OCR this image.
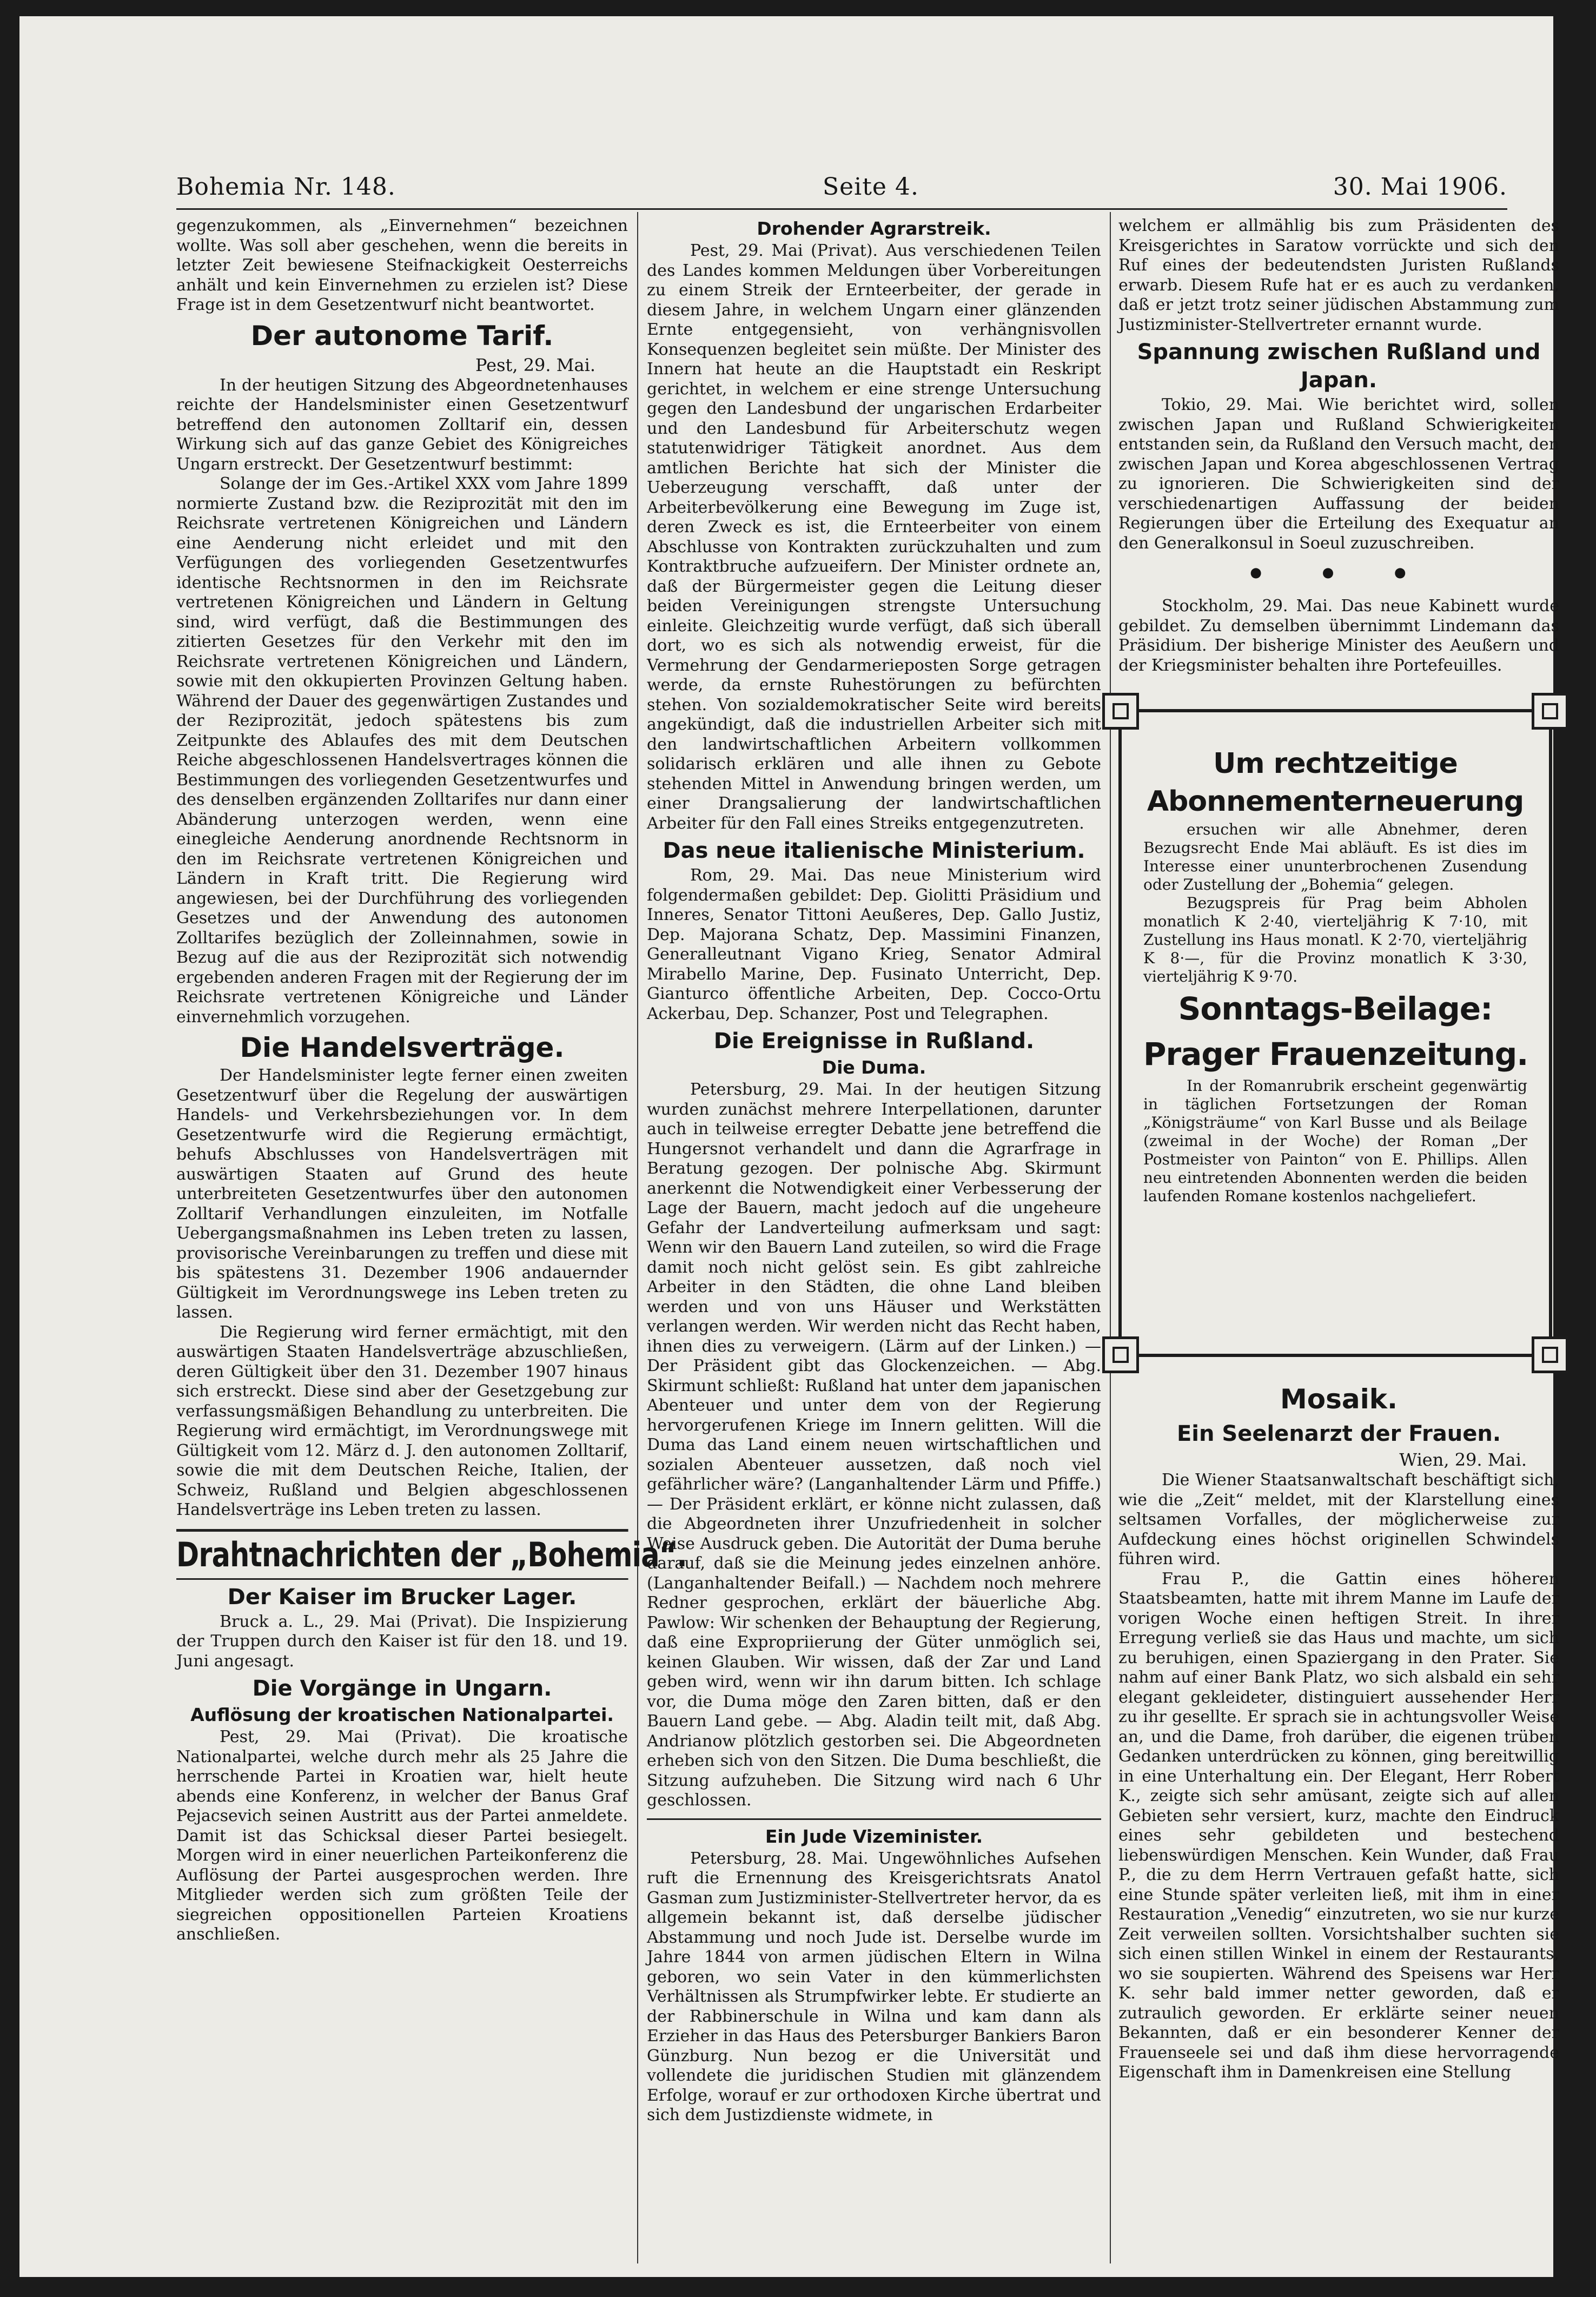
Bohemia Nr. 148.	Seite 4.	30. Mai 1906.

gegenzukommen, als „Einvernehmen“ bezeichnen wollte. Was soll aber geschehen, wenn die bereits in letzter Zeit bewiesene Steifnackigkeit Oesterreichs anhält und kein Einvernehmen zu erzielen ist? Diese Frage ist in dem Gesetzentwurf nicht beantwortet.

Der autonome Tarif.
Pest, 29. Mai.

In der heutigen Sitzung des Abgeordnetenhauses reichte der Handelsminister einen Gesetzentwurf betreffend den autonomen Zolltarif ein, dessen Wirkung sich auf das ganze Gebiet des Königreiches Ungarn erstreckt. Der Gesetzentwurf bestimmt:

Solange der im Ges.-Artikel XXX vom Jahre 1899 normierte Zustand bzw. die Reziprozität mit den im Reichsrate vertretenen Königreichen und Ländern eine Aenderung nicht erleidet und mit den Verfügungen des vorliegenden Gesetzentwurfes identische Rechtsnormen in den im Reichsrate vertretenen Königreichen und Ländern in Geltung sind, wird verfügt, daß die Bestimmungen des zitierten Gesetzes für den Verkehr mit den im Reichsrate vertretenen Königreichen und Ländern, sowie mit den okkupierten Provinzen Geltung haben. Während der Dauer des gegenwärtigen Zustandes und der Reziprozität, jedoch spätestens bis zum Zeitpunkte des Ablaufes des mit dem Deutschen Reiche abgeschlossenen Handelsvertrages können die Bestimmungen des vorliegenden Gesetzentwurfes und des denselben ergänzenden Zolltarifes nur dann einer Abänderung unterzogen werden, wenn eine einegleiche Aenderung anordnende Rechtsnorm in den im Reichsrate vertretenen Königreichen und Ländern in Kraft tritt. Die Regierung wird angewiesen, bei der Durchführung des vorliegenden Gesetzes und der Anwendung des autonomen Zolltarifes bezüglich der Zolleinnahmen, sowie in Bezug auf die aus der Reziprozität sich notwendig ergebenden anderen Fragen mit der Regierung der im Reichsrate vertretenen Königreiche und Länder einvernehmlich vorzugehen.

Die Handelsverträge.

Der Handelsminister legte ferner einen zweiten Gesetzentwurf über die Regelung der auswärtigen Handels- und Verkehrsbeziehungen vor. In dem Gesetzentwurfe wird die Regierung ermächtigt, behufs Abschlusses von Handelsverträgen mit auswärtigen Staaten auf Grund des heute unterbreiteten Gesetzentwurfes über den autonomen Zolltarif Verhandlungen einzuleiten, im Notfalle Uebergangsmaßnahmen ins Leben treten zu lassen, provisorische Vereinbarungen zu treffen und diese mit bis spätestens 31. Dezember 1906 andauernder Gültigkeit im Verordnungswege ins Leben treten zu lassen.

Die Regierung wird ferner ermächtigt, mit den auswärtigen Staaten Handelsverträge abzuschließen, deren Gültigkeit über den 31. Dezember 1907 hinaus sich erstreckt. Diese sind aber der Gesetzgebung zur verfassungsmäßigen Behandlung zu unterbreiten. Die Regierung wird ermächtigt, im Verordnungswege mit Gültigkeit vom 12. März d. J. den autonomen Zolltarif, sowie die mit dem Deutschen Reiche, Italien, der Schweiz, Rußland und Belgien abgeschlossenen Handelsverträge ins Leben treten zu lassen.

Drahtnachrichten der „Bohemia“.
Der Kaiser im Brucker Lager.

Bruck a. L., 29. Mai (Privat). Die Inspizierung der Truppen durch den Kaiser ist für den 18. und 19. Juni angesagt.

Die Vorgänge in Ungarn.
Auflösung der kroatischen Nationalpartei.

Pest, 29. Mai (Privat). Die kroatische Nationalpartei, welche durch mehr als 25 Jahre die herrschende Partei in Kroatien war, hielt heute abends eine Konferenz, in welcher der Banus Graf Pejacsevich seinen Austritt aus der Partei anmeldete. Damit ist das Schicksal dieser Partei besiegelt. Morgen wird in einer neuerlichen Parteikonferenz die Auflösung der Partei ausgesprochen werden. Ihre Mitglieder werden sich zum größten Teile der siegreichen oppositionellen Parteien Kroatiens anschließen.

Drohender Agrarstreik.

Pest, 29. Mai (Privat). Aus verschiedenen Teilen des Landes kommen Meldungen über Vorbereitungen zu einem Streik der Ernteerbeiter, der gerade in diesem Jahre, in welchem Ungarn einer glänzenden Ernte entgegensieht, von verhängnisvollen Konsequenzen begleitet sein müßte. Der Minister des Innern hat heute an die Hauptstadt ein Reskript gerichtet, in welchem er eine strenge Untersuchung gegen den Landesbund der ungarischen Erdarbeiter und den Landesbund für Arbeiterschutz wegen statutenwidriger Tätigkeit anordnet. Aus dem amtlichen Berichte hat sich der Minister die Ueberzeugung verschafft, daß unter der Arbeiterbevölkerung eine Bewegung im Zuge ist, deren Zweck es ist, die Ernteerbeiter von einem Abschlusse von Kontrakten zurückzuhalten und zum Kontraktbruche aufzueifern. Der Minister ordnete an, daß der Bürgermeister gegen die Leitung dieser beiden Vereinigungen strengste Untersuchung einleite. Gleichzeitig wurde verfügt, daß sich überall dort, wo es sich als notwendig erweist, für die Vermehrung der Gendarmerieposten Sorge getragen werde, da ernste Ruhestörungen zu befürchten stehen. Von sozialdemokratischer Seite wird bereits angekündigt, daß die industriellen Arbeiter sich mit den landwirtschaftlichen Arbeitern vollkommen solidarisch erklären und alle ihnen zu Gebote stehenden Mittel in Anwendung bringen werden, um einer Drangsalierung der landwirtschaftlichen Arbeiter für den Fall eines Streiks entgegenzutreten.

Das neue italienische Ministerium.

Rom, 29. Mai. Das neue Ministerium wird folgendermaßen gebildet: Dep. Giolitti Präsidium und Inneres, Senator Tittoni Aeußeres, Dep. Gallo Justiz, Dep. Majorana Schatz, Dep. Massimini Finanzen, Generalleutnant Vigano Krieg, Senator Admiral Mirabello Marine, Dep. Fusinato Unterricht, Dep. Gianturco öffentliche Arbeiten, Dep. Cocco-Ortu Ackerbau, Dep. Schanzer, Post und Telegraphen.

Die Ereignisse in Rußland.
Die Duma.

Petersburg, 29. Mai. In der heutigen Sitzung wurden zunächst mehrere Interpellationen, darunter auch in teilweise erregter Debatte jene betreffend die Hungersnot verhandelt und dann die Agrarfrage in Beratung gezogen. Der polnische Abg. Skirmunt anerkennt die Notwendigkeit einer Verbesserung der Lage der Bauern, macht jedoch auf die ungeheure Gefahr der Landverteilung aufmerksam und sagt: Wenn wir den Bauern Land zuteilen, so wird die Frage damit noch nicht gelöst sein. Es gibt zahlreiche Arbeiter in den Städten, die ohne Land bleiben werden und von uns Häuser und Werkstätten verlangen werden. Wir werden nicht das Recht haben, ihnen dies zu verweigern. (Lärm auf der Linken.) — Der Präsident gibt das Glockenzeichen. — Abg. Skirmunt schließt: Rußland hat unter dem japanischen Abenteuer und unter dem von der Regierung hervorgerufenen Kriege im Innern gelitten. Will die Duma das Land einem neuen wirtschaftlichen und sozialen Abenteuer aussetzen, daß noch viel gefährlicher wäre? (Langanhaltender Lärm und Pfiffe.) — Der Präsident erklärt, er könne nicht zulassen, daß die Abgeordneten ihrer Unzufriedenheit in solcher Weise Ausdruck geben. Die Autorität der Duma beruhe darauf, daß sie die Meinung jedes einzelnen anhöre. (Langanhaltender Beifall.) — Nachdem noch mehrere Redner gesprochen, erklärt der bäuerliche Abg. Pawlow: Wir schenken der Behauptung der Regierung, daß eine Expropriierung der Güter unmöglich sei, keinen Glauben. Wir wissen, daß der Zar und Land geben wird, wenn wir ihn darum bitten. Ich schlage vor, die Duma möge den Zaren bitten, daß er den Bauern Land gebe. — Abg. Aladin teilt mit, daß Abg. Andrianow plötzlich gestorben sei. Die Abgeordneten erheben sich von den Sitzen. Die Duma beschließt, die Sitzung aufzuheben. Die Sitzung wird nach 6 Uhr geschlossen.

Ein Jude Vizeminister.

Petersburg, 28. Mai. Ungewöhnliches Aufsehen ruft die Ernennung des Kreisgerichtsrats Anatol Gasman zum Justizminister-Stellvertreter hervor, da es allgemein bekannt ist, daß derselbe jüdischer Abstammung und noch Jude ist. Derselbe wurde im Jahre 1844 von armen jüdischen Eltern in Wilna geboren, wo sein Vater in den kümmerlichsten Verhältnissen als Strumpfwirker lebte. Er studierte an der Rabbinerschule in Wilna und kam dann als Erzieher in das Haus des Petersburger Bankiers Baron Günzburg. Nun bezog er die Universität und vollendete die juridischen Studien mit glänzendem Erfolge, worauf er zur orthodoxen Kirche übertrat und sich dem Justizdienste widmete, in

welchem er allmählig bis zum Präsidenten des Kreisgerichtes in Saratow vorrückte und sich den Ruf eines der bedeutendsten Juristen Rußlands erwarb. Diesem Rufe hat er es auch zu verdanken, daß er jetzt trotz seiner jüdischen Abstammung zum Justizminister-Stellvertreter ernannt wurde.

Spannung zwischen Rußland und Japan.

Tokio, 29. Mai. Wie berichtet wird, sollen zwischen Japan und Rußland Schwierigkeiten entstanden sein, da Rußland den Versuch macht, den zwischen Japan und Korea abgeschlossenen Vertrag zu ignorieren. Die Schwierigkeiten sind der verschiedenartigen Auffassung der beiden Regierungen über die Erteilung des Exequatur an den Generalkonsul in Soeul zuzuschreiben.

• • •

Stockholm, 29. Mai. Das neue Kabinett wurde gebildet. Zu demselben übernimmt Lindemann das Präsidium. Der bisherige Minister des Aeußern und der Kriegsminister behalten ihre Portefeuilles.

Um rechtzeitige
Abonnementerneuerung

ersuchen wir alle Abnehmer, deren Bezugsrecht Ende Mai abläuft. Es ist dies im Interesse einer ununterbrochenen Zusendung oder Zustellung der „Bohemia“ gelegen.

Bezugspreis für Prag beim Abholen monatlich K 2·40, vierteljährig K 7·10, mit Zustellung ins Haus monatl. K 2·70, vierteljährig K 8·—, für die Provinz monatlich K 3·30, vierteljährig K 9·70.

Sonntags-Beilage:
Prager Frauenzeitung.

In der Romanrubrik erscheint gegenwärtig in täglichen Fortsetzungen der Roman „Königsträume“ von Karl Busse und als Beilage (zweimal in der Woche) der Roman „Der Postmeister von Painton“ von E. Phillips. Allen neu eintretenden Abonnenten werden die beiden laufenden Romane kostenlos nachgeliefert.

Mosaik.
Ein Seelenarzt der Frauen.
Wien, 29. Mai.

Die Wiener Staatsanwaltschaft beschäftigt sich, wie die „Zeit“ meldet, mit der Klarstellung eines seltsamen Vorfalles, der möglicherweise zur Aufdeckung eines höchst originellen Schwindels führen wird.

Frau P., die Gattin eines höheren Staatsbeamten, hatte mit ihrem Manne im Laufe der vorigen Woche einen heftigen Streit. In ihrer Erregung verließ sie das Haus und machte, um sich zu beruhigen, einen Spaziergang in den Prater. Sie nahm auf einer Bank Platz, wo sich alsbald ein sehr elegant gekleideter, distinguiert aussehender Herr zu ihr gesellte. Er sprach sie in achtungsvoller Weise an, und die Dame, froh darüber, die eigenen trüben Gedanken unterdrücken zu können, ging bereitwillig in eine Unterhaltung ein. Der Elegant, Herr Robert K., zeigte sich sehr amüsant, zeigte sich auf allen Gebieten sehr versiert, kurz, machte den Eindruck eines sehr gebildeten und bestechend liebenswürdigen Menschen. Kein Wunder, daß Frau P., die zu dem Herrn Vertrauen gefaßt hatte, sich eine Stunde später verleiten ließ, mit ihm in einer Restauration „Venedig“ einzutreten, wo sie nur kurze Zeit verweilen sollten. Vorsichtshalber suchten sie sich einen stillen Winkel in einem der Restaurants, wo sie soupierten. Während des Speisens war Herr K. sehr bald immer netter geworden, daß er zutraulich geworden. Er erklärte seiner neuen Bekannten, daß er ein besonderer Kenner der Frauenseele sei und daß ihm diese hervorragende Eigenschaft ihm in Damenkreisen eine Stellung
